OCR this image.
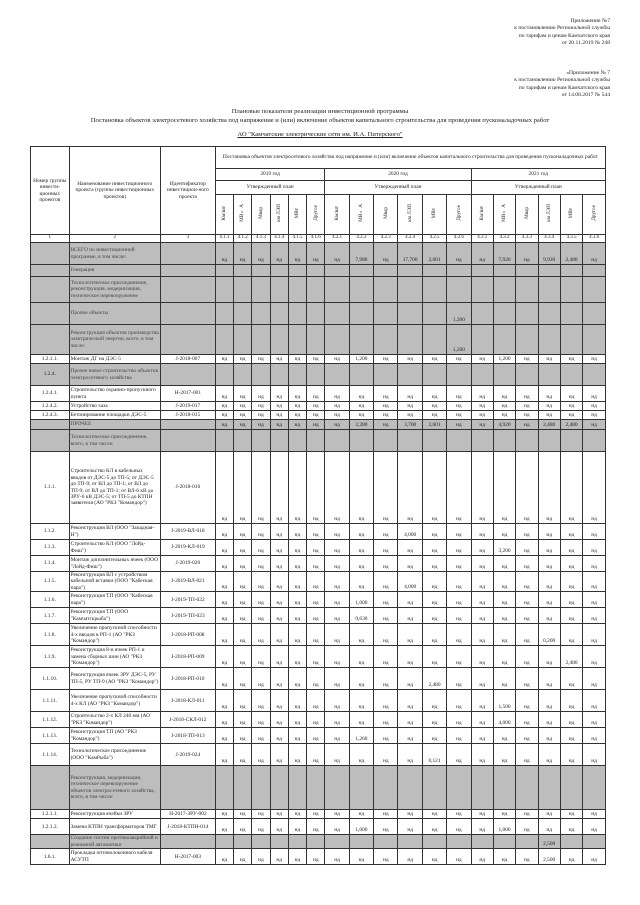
Приложение №7
к постановлению Региональной службы
по тарифам и ценам Камчатского края
от 20.11.2019 № 248
«Приложение № 7
к постановлению Региональной службы
по тарифам и ценам Камчатского края
от 14.08.2017 № 544
Плановые показатели реализации инвестиционной программы
Постановка объектов электросетевого хозяйства под напряжение и (или) включение объектов капитального строительства для проведения пусконаладочных работ
АО "Камчатские электрические сети им. И.А. Питерского"
Номер группы инвести-ционных проектов	Наименование инвестиционного проекта (группы инвестиционных проектов)	Идентификатор инвестицион-ного проекта	Постановка объектов электросетевого хозяйства под напряжение и (или) включение объектов капитального строительства для проведения пусконаладочных работ																	
			2019 год						2020 год						2021 год					
			Утвержденный план						Утвержденный план						Утвержденный план					
			Км/шт	МВ×А	Мвар	км ЛЭП	МВт	Другое	Км/шт	МВ×А	Мвар	км ЛЭП	МВт	Другое	Км/шт	МВ×А	Мвар	км ЛЭП	МВт	Другое
1	2	3	4.1.1	4.1.2	4.1.3	4.1.4	4.1.5	4.1.6	4.2.1	4.2.2	4.2.3	4.2.4	4.2.5	4.2.6	4.3.1	4.3.2	4.3.3	4.3.4	4.3.5	4.3.6
	ВСЕГО по инвестиционной программе, в том числе:		нд	нд	нд	нд	нд	нд	нд	7,980	нд	17,700	2,601	нд	нд	7,920	нд	9,920	2,480	нд
	Генерация																			
	Технологическое присоединение, реконструкция, модернизация, техническое перевооружение																			
	Прочие объекты													1,200						
	Реконструкция объектов производства электрической энергии, всего, в том числе:													1,200						
1.2.1.1.	Монтаж ДГ на ДЭС-5	J-2018-007	нд	нд	нд	нд	нд	нд	нд	1,200	нд	нд	нд	нд	нд	1,200	нд	нд	нд	нд
1.2.4.	Прочее новое строительство объектов электросетевого хозяйства																			
1.2.4.1.	Строительство охранно-пропускного пункта	H-2017-001	нд	нд	нд	нд	нд	нд	нд	нд	нд	нд	нд	нд	нд	нд	нд	нд	нд	нд
1.2.4.2.	Устройство хаза	J-2019-017	нд	нд	нд	нд	нд	нд	нд	нд	нд	нд	нд	нд	нд	нд	нд	нд	нд	нд
1.2.4.3.	Бетонирование площадки ДЭС-5	J-2018-015	нд	нд	нд	нд	нд	нд	нд	нд	нд	нд	нд	нд	нд	нд	нд	нд	нд	нд
	ПРОЧЕЕ		нд	нд	нд	нд	нд	нд	нд	2,280	нд	3,700	2,601	нд	нд	4,920	нд	2,480	2,480	нд
	Технологическое присоединение, всего, в том числе:																			
1.1.1.	Строительство КЛ в кабельных вводов от ДЭС-5 до ТП-5; от ДЭС-5 до ТП-9; от ВЛ до ТП-1; от ВЛ до ТП-9; от ВЛ до ТП-1; от ВЛ-6 кВ до ЗРУ-6 кВ ДЭС-5; от ТП-5 до КТПН заявителя (АО "РКЗ "Командор")	J-2018-016	нд	нд	нд	нд	нд	нд	нд	нд	нд	нд	нд	нд	нд	нд	нд	нд	нд	нд
1.1.2.	Реконструкция ВЛ (ООО "Западная-Н")	J-2019-ВЛ-018	нд	нд	нд	нд	нд	нд	нд	нд	нд	4,000	нд	нд	нд	нд	нд	нд	нд	нд
1.1.3.	Строительство КЛ (ООО "Лойд-Фиш")	J-2019-КЛ-019	нд	нд	нд	нд	нд	нд	нд	нд	нд	нд	нд	нд	нд	3,200	нд	нд	нд	нд
1.1.4.	Монтаж дополнительных ячеек (ООО "Лойд-Фиш")	J-2019-020	нд	нд	нд	нд	нд	нд	нд	нд	нд	нд	нд	нд	нд	нд	нд	нд	нд	нд
1.1.5.	Реконструкция ВЛ с устройством кабельной вставки (ООО "Кабеская пара")	J-2019-ВЛ-021	нд	нд	нд	нд	нд	нд	нд	нд	нд	4,000	нд	нд	нд	нд	нд	нд	нд	нд
1.1.6.	Реконструкция ТП (ООО "Кабеская пара")	J-2019-ТП-022	нд	нд	нд	нд	нд	нд	нд	1,000	нд	нд	нд	нд	нд	нд	нд	нд	нд	нд
1.1.7.	Реконструкция ТП (ООО "Камчатскрыба")	J-2019-ТП-023	нд	нд	нд	нд	нд	нд	нд	0,630	нд	нд	нд	нд	нд	нд	нд	нд	нд	нд
1.1.8.	Увеличение пропускной способности 4-х вводов в РП-1 (АО "РКЗ "Командор")	J-2018-РП-008	нд	нд	нд	нд	нд	нд	нд	нд	нд	нд	нд	нд	нд	нд	нд	0,200	нд	нд
1.1.9.	Реконструкция 8-и ячеек РП-1 и замена сборных шин (АО "РКЗ "Командор")	J-2018-РП-009	нд	нд	нд	нд	нд	нд	нд	нд	нд	нд	нд	нд	нд	нд	нд	нд	2,480	нд
1.1.10.	Реконструкция ячеек ЗРУ ДЭС-5, РУ ТП-5, РУ ТП-9 (АО "РКЗ "Командор")	J-2018-РП-010	нд	нд	нд	нд	нд	нд	нд	нд	нд	нд	2,480	нд	нд	нд	нд	нд	нд	нд
1.1.11.	Увеличение пропускной способности 4-х КЛ (АО "РКЗ "Командор")	J-2018-КЛ-011	нд	нд	нд	нд	нд	нд	нд	нд	нд	нд	нд	нд	нд	1,500	нд	нд	нд	нд
1.1.12.	Строительство 2-х КЛ 240 мм (АО "РКЗ "Командор")	J-2018-СКЛ-012	нд	нд	нд	нд	нд	нд	нд	нд	нд	нд	нд	нд	нд	4,000	нд	нд	нд	нд
1.1.13.	Реконструкция ТП (АО "РКЗ "Командор")	J-2018-ТП-013	нд	нд	нд	нд	нд	нд	нд	1,260	нд	нд	нд	нд	нд	нд	нд	нд	нд	нд
1.1.14.	Технологическое присоединение (ООО "КамРыба")	J-2019-024	нд	нд	нд	нд	нд	нд	нд	нд	нд	нд	0,121	нд	нд	нд	нд	нд	нд	нд
	Реконструкция, модернизация, техническое перевооружение объектов электросетевого хозяйства, всего, в том числе:																			
1.2.1.1.	Реконструкция ячейки ЗРУ	H-2017-ЗРУ-002	нд	нд	нд	нд	нд	нд	нд	нд	нд	нд	нд	нд	нд	нд	нд	нд	нд	нд
1.2.1.2.	Замена КТПН трансформаторов ТМГ	J-2018-КТПН-014	нд	нд	нд	нд	нд	нд	нд	1,000	нд	нд	нд	нд	нд	1,000	нд	нд	нд	нд
	Создание систем противоаварийной и режимной автоматики																	2,500		
1.6.1.	Прокладка оптоволоконного кабеля АСУТП	H-2017-003	нд	нд	нд	нд	нд	нд	нд	нд	нд	нд	нд	нд	нд	нд	нд	2,500	нд	нд
